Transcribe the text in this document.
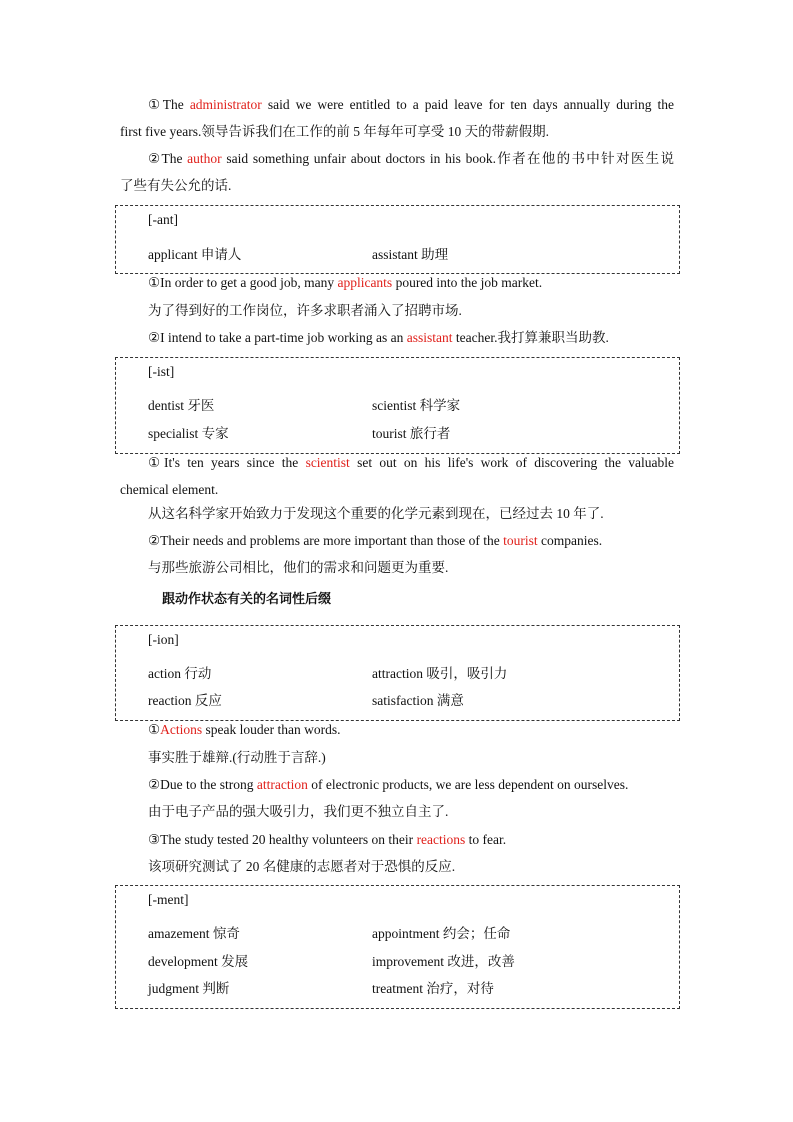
①The administrator said we were entitled to a paid leave for ten days annually during the
first five years.领导告诉我们在工作的前 5 年每年可享受 10 天的带薪假期.
②The author said something unfair about doctors in his book.作者在他的书中针对医生说
了些有失公允的话.
[-ant]
applicant 申请人	assistant 助理
①In order to get a good job, many applicants poured into the job market.
为了得到好的工作岗位，许多求职者涌入了招聘市场.
②I intend to take a part-time job working as an assistant teacher.我打算兼职当助教.
[-ist]
dentist 牙医	scientist 科学家
specialist 专家	tourist 旅行者
①It's ten years since the scientist set out on his life's work of discovering the valuable
chemical element.
从这名科学家开始致力于发现这个重要的化学元素到现在，已经过去 10 年了.
②Their needs and problems are more important than those of the tourist companies.
与那些旅游公司相比，他们的需求和问题更为重要.
跟动作状态有关的名词性后缀
[-ion]
action 行动	attraction 吸引，吸引力
reaction 反应	satisfaction 满意
①Actions speak louder than words.
事实胜于雄辩.(行动胜于言辞.)
②Due to the strong attraction of electronic products, we are less dependent on ourselves.
由于电子产品的强大吸引力，我们更不独立自主了.
③The study tested 20 healthy volunteers on their reactions to fear.
该项研究测试了 20 名健康的志愿者对于恐惧的反应.
[-ment]
amazement 惊奇	appointment 约会；任命
development 发展	improvement 改进，改善
judgment 判断	treatment 治疗，对待
